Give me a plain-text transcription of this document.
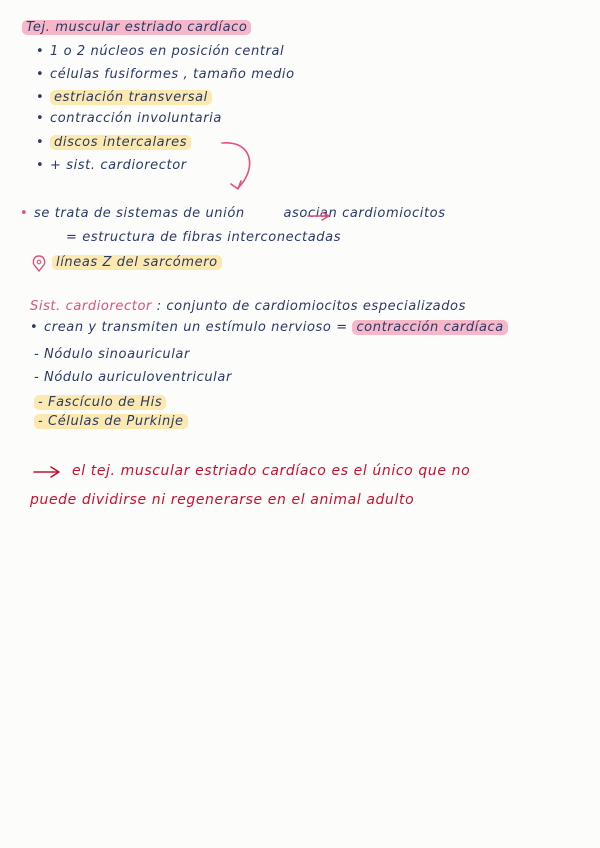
Tej. muscular estriado cardíaco
• 1 o 2 núcleos en posición central
• células fusiformes , tamaño medio
• estriación transversal
• contracción involuntaria
• discos intercalares
• + sist. cardiorector
• se trata de sistemas de unión	asocian cardiomiocitos
= estructura de fibras interconectadas
líneas Z del sarcómero
Sist. cardiorector : conjunto de cardiomiocitos especializados
• crean y transmiten un estímulo nervioso = contracción cardíaca
- Nódulo sinoauricular
- Nódulo auriculoventricular
- Fascículo de His
- Células de Purkinje
el tej. muscular estriado cardíaco es el único que no
puede dividirse ni regenerarse en el animal adulto
